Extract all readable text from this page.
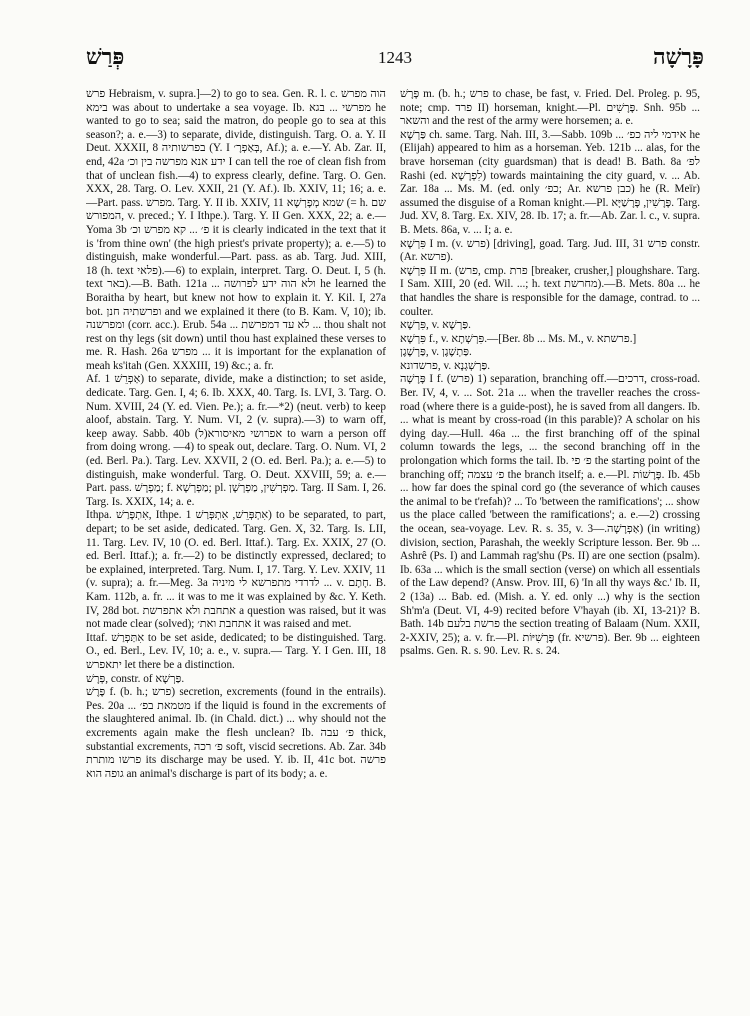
פְּרַשׁ	1243	פָּרָשָׁה

פרש Hebraism, v. supra.]—2) to go to sea. Gen. R. l. c. הוה מפרש בימא was about to undertake a sea voyage. Ib. מפרשי ... בגא he wanted to go to sea; said the matron, do people go to sea at this season?; a. e.—3) to separate, divide, distinguish. Targ. O. a. Y. II Deut. XXXII, 8 בפרשותיה (Y. I בְּאַפְרָ׳, Af.); a. e.—Y. Ab. Zar. II, end, 42a ידע אנא מפרשה בין וכ׳ I can tell the roe of clean fish from that of unclean fish.—4) to express clearly, define. Targ. O. Gen. XXX, 28. Targ. O. Lev. XXII, 21 (Y. Af.). Ib. XXIV, 11; 16; a. e.—Part. pass. מפרש. Targ. Y. II ib. XXIV, 11 שמא מְפָרְשָׁא (= h. שם המפורש, v. preced.; Y. I Ithpe.). Targ. Y. II Gen. XXX, 22; a. e.—Yoma 3b פ׳ ... קא מפרש וכ׳ it is clearly indicated in the text that it is 'from thine own' (the high priest's private property); a. e.—5) to distinguish, make wonderful.—Part. pass. as ab. Targ. Jud. XIII, 18 (h. text פלאי).—6) to explain, interpret. Targ. O. Deut. I, 5 (h. text באר).—B. Bath. 121a ... ולא הוה ידע לפרושה he learned the Boraitha by heart, but knew not how to explain it. Y. Kil. I, 27a bot. ופרשתיה חנן and we explained it there (to B. Kam. V, 10); ib. ומפרשנה (corr. acc.). Erub. 54a ... לא עד דמפרשת ... thou shalt not rest on thy legs (sit down) until thou hast explained these verses to me. R. Hash. 26a מפרש ... it is important for the explanation of meah ks'itah (Gen. XXXIII, 19) &c.; a. fr.

Af. אַפְרֵשׁ 1) to separate, divide, make a distinction; to set aside, dedicate. Targ. Gen. I, 4; 6. Ib. XXX, 40. Targ. Is. LVI, 3. Targ. O. Num. XVIII, 24 (Y. ed. Vien. Pe.); a. fr.—*2) (neut. verb) to keep aloof, abstain. Targ. Y. Num. VI, 2 (v. supra).—3) to warn off, keep away. Sabb. 40b (ל)אפרושי מאיסורא to warn a person off from doing wrong. —4) to speak out, declare. Targ. O. Num. VI, 2 (ed. Berl. Pa.). Targ. Lev. XXVII, 2 (O. ed. Berl. Pa.); a. e.—5) to distinguish, make wonderful. Targ. O. Deut. XXVIII, 59; a. e.—Part. pass. מַפְרָשׁ; f. מַפְרְשָׁא; pl. מַפְרְשִׁין, מַפְרְשָׁן. Targ. II Sam. I, 26. Targ. Is. XXIX, 14; a. e.

Ithpa. אִתְפָּרַשׁ, Ithpe. אִתְפְּרֵשׁ, אִתְפְּרַשׁ 1) to be separated, to part, depart; to be set aside, dedicated. Targ. Gen. X, 32. Targ. Is. LII, 11. Targ. Lev. IV, 10 (O. ed. Berl. Ittaf.). Targ. Ex. XXIX, 27 (O. ed. Berl. Ittaf.); a. fr.—2) to be distinctly expressed, declared; to be explained, interpreted. Targ. Num. I, 17. Targ. Y. Lev. XXIV, 11 (v. supra); a. fr.—Meg. 3a לדרדי מתפרשא לי מיניה ... v. חָתָם. B. Kam. 112b, a. fr. ... it was to me it was explained by &c. Y. Keth. IV, 28d bot. אתחבת ולא אתפרשת a question was raised, but it was not made clear (solved); אתחבת ואת׳ it was raised and met.

Ittaf. אִתַּפְרַשׁ to be set aside, dedicated; to be distinguished. Targ. O., ed. Berl., Lev. IV, 10; a. e., v. supra.— Targ. Y. I Gen. III, 18 יתאפרש let there be a distinction.

פְּרָשׁ, constr. of פַּרְשָׁא.

פֶּרֶשׁ f. (b. h.; פרש) secretion, excrements (found in the entrails). Pes. 20a ... מטמאת בפ׳ if the liquid is found in the excrements of the slaughtered animal. Ib. (in Chald. dict.) ... why should not the excrements again make the flesh unclean? Ib. פ׳ עבה thick, substantial excrements, פ׳ רכה soft, viscid secretions. Ab. Zar. 34b פרשו מותרת its discharge may be used. Y. ib. II, 41c bot. פרשה גופה הוא an animal's discharge is part of its body; a. e.

פָּרָשׁ m. (b. h.; פרש to chase, be fast, v. Fried. Del. Proleg. p. 95, note; cmp. פרד II) horseman, knight.—Pl. פָּרָשִׁים. Snh. 95b ... והשאר and the rest of the army were horsemen; a. e.

פַּרְשָׁא ch. same. Targ. Nah. III, 3.—Sabb. 109b ... אידמי ליה כפ׳ he (Elijah) appeared to him as a horseman. Yeb. 121b ... alas, for the brave horseman (city guardsman) that is dead! B. Bath. 8a לפ׳ Rashi (ed. לִפְרָשָׁא) towards maintaining the city guard, v. ... Ab. Zar. 18a ... Ms. M. (ed. only כפ׳; Ar. כבן פרשא) he (R. Meïr) assumed the disguise of a Roman knight.—Pl. פָּרָשִׁין, פָּרָשַׁיָּא. Targ. Jud. XV, 8. Targ. Ex. XIV, 28. Ib. 17; a. fr.—Ab. Zar. l. c., v. supra. B. Mets. 86a, v. ... I; a. e.

פִּרְשָׁא I m. (v. פרש) [driving], goad. Targ. Jud. III, 31 פרש constr. (Ar. פרשא).

פִּרְשָׁא II m. (פרש, cmp. פרת [breaker, crusher,] ploughshare. Targ. I Sam. XIII, 20 (ed. Wil. ...; h. text מחרשת).—B. Mets. 80a ... he that handles the share is responsible for the damage, contrad. to ... coulter.

פִּרְשָׁא, v. פַּרְשָׁא.

פִּרְשָׁא f., v. פִּרְשְׁתָא.—[Ber. 8b ... Ms. M., v. פרשתא.]

פַּרְשֶׁגֶן, v. פַּתְשֶׁגֶן.

פרשדונא, v. פַּרְשְׁגְנָא.

פָּרָשָׁה I f. (פרש) 1) separation, branching off.—דרכים, cross-road. Ber. IV, 4, v. ... Sot. 21a ... when the traveller reaches the cross-road (where there is a guide-post), he is saved from all dangers. Ib. ... what is meant by cross-road (in this parable)? A scholar on his dying day.—Hull. 46a ... the first branching off of the spinal column towards the legs, ... the second branching off in the prolongation which forms the tail. Ib. פ׳ פי the starting point of the branching off; פ׳ עצמה the branch itself; a. e.—Pl. פָּרָשׁוֹת. Ib. 45b ... how far does the spinal cord go (the severance of which causes the animal to be t'refah)? ... To 'between the ramifications'; ... show us the place called 'between the ramifications'; a. e.—2) crossing the ocean, sea-voyage. Lev. R. s. 35, v. אַפְרָשָׁה.—3) (in writing) division, section, Parashah, the weekly Scripture lesson. Ber. 9b ... Ashrê (Ps. I) and Lammah rag'shu (Ps. II) are one section (psalm). Ib. 63a ... which is the small section (verse) on which all essentials of the Law depend? (Answ. Prov. III, 6) 'In all thy ways &c.' Ib. II, 2 (13a) ... Bab. ed. (Mish. a. Y. ed. only ...) why is the section Sh'm'a (Deut. VI, 4-9) recited before V'hayah (ib. XI, 13-21)? B. Bath. 14b פרשת בלעם the section treating of Balaam (Num. XXII, 2-XXIV, 25); a. v. fr.—Pl. פָּרָשִׁיּוֹת (fr. פרשיא). Ber. 9b ... eighteen psalms. Gen. R. s. 90. Lev. R. s. 24.
